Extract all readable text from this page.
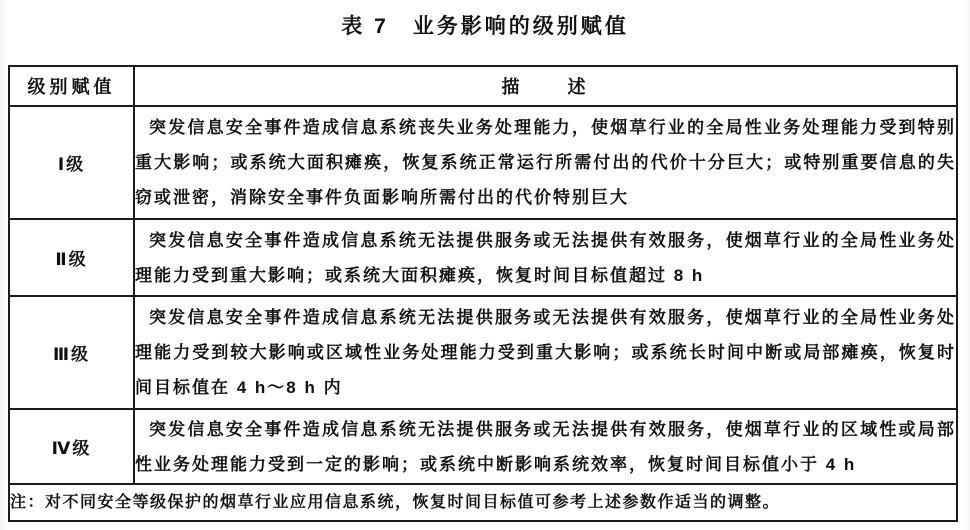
表 7　业务影响的级别赋值
级别赋值	描　　述
Ⅰ级	突发信息安全事件造成信息系统丧失业务处理能力，使烟草行业的全局性业务处理能力受到特别重大影响；或系统大面积瘫痪，恢复系统正常运行所需付出的代价十分巨大；或特别重要信息的失窃或泄密，消除安全事件负面影响所需付出的代价特别巨大
Ⅱ级	突发信息安全事件造成信息系统无法提供服务或无法提供有效服务，使烟草行业的全局性业务处理能力受到重大影响；或系统大面积瘫痪，恢复时间目标值超过 8 h
Ⅲ级	突发信息安全事件造成信息系统无法提供服务或无法提供有效服务，使烟草行业的全局性业务处理能力受到较大影响或区域性业务处理能力受到重大影响；或系统长时间中断或局部瘫痪，恢复时间目标值在 4 h～8 h 内
Ⅳ级	突发信息安全事件造成信息系统无法提供服务或无法提供有效服务，使烟草行业的区域性或局部性业务处理能力受到一定的影响；或系统中断影响系统效率，恢复时间目标值小于 4 h
注：对不同安全等级保护的烟草行业应用信息系统，恢复时间目标值可参考上述参数作适当的调整。	
